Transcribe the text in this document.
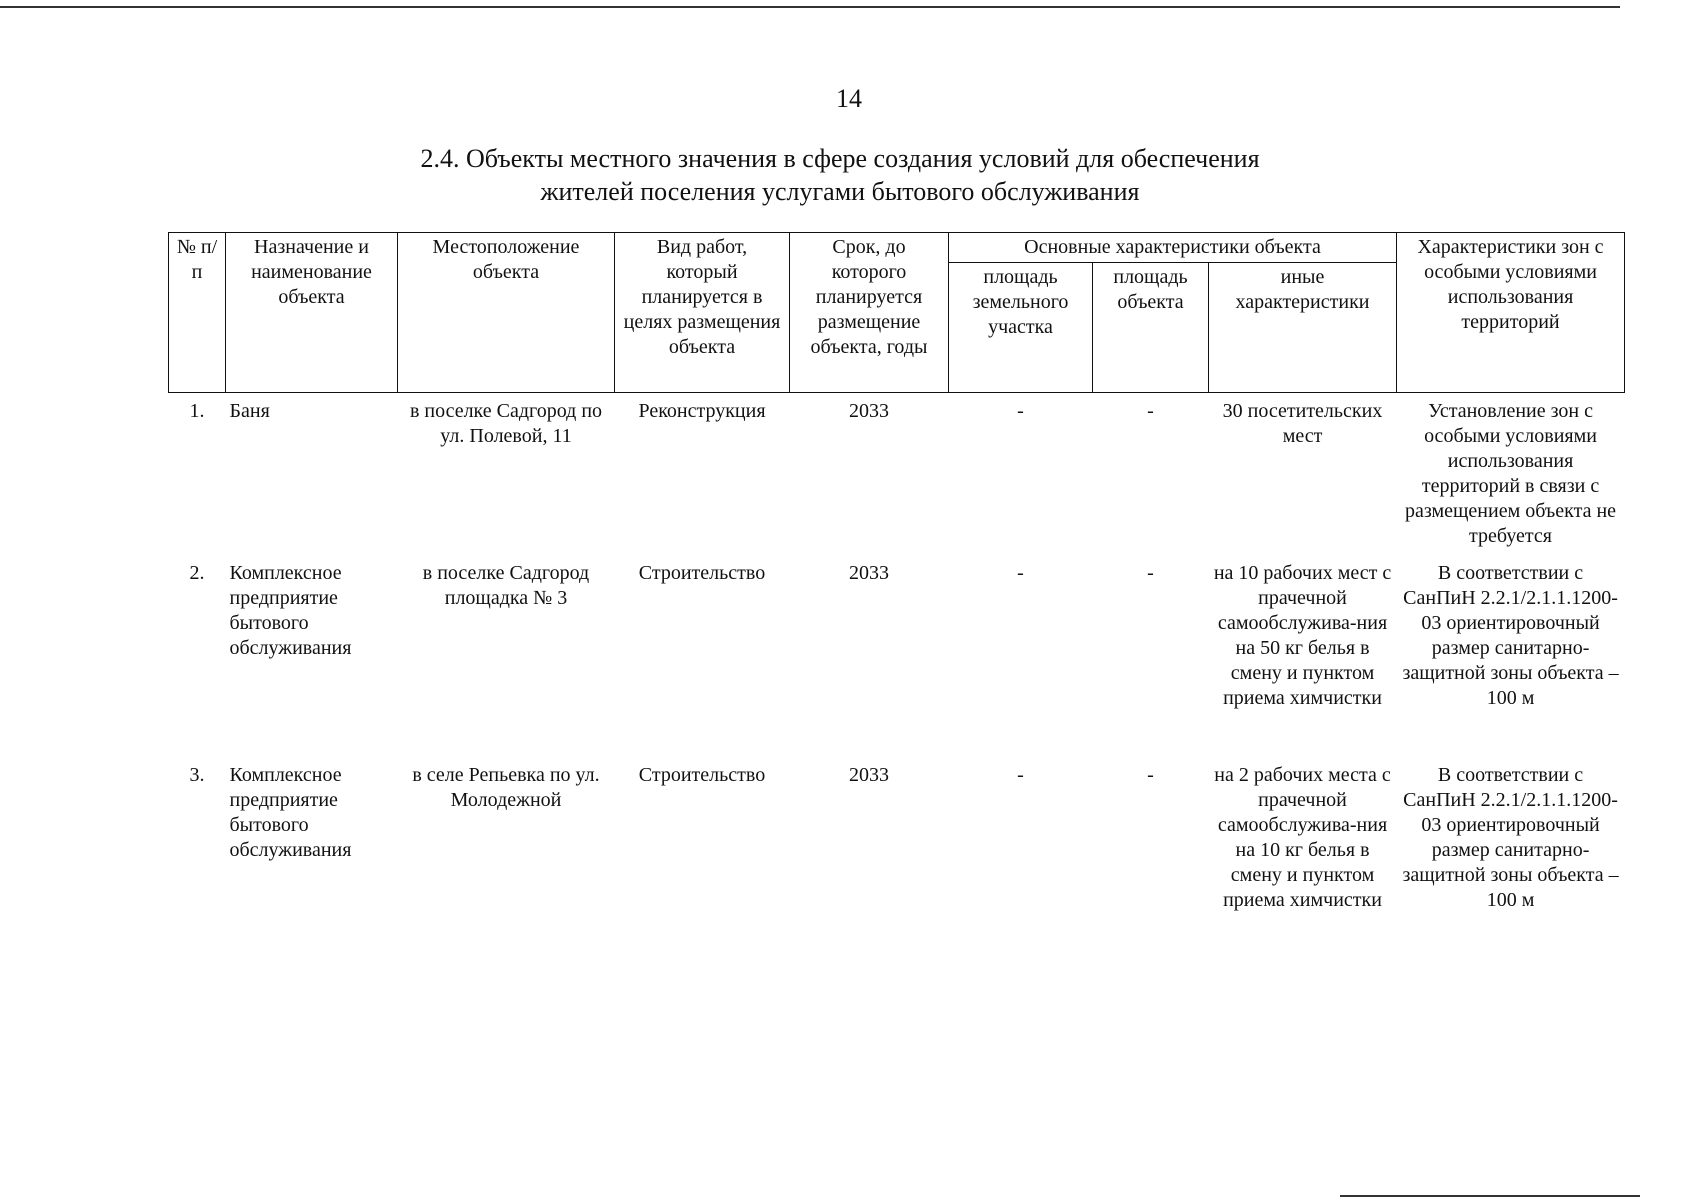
14
2.4. Объекты местного значения в сфере создания условий для обеспечения
жителей поселения услугами бытового обслуживания
№ п/п	Назначение и наименование объекта	Местоположение объекта	Вид работ, который планируется в целях размещения объекта	Срок, до которого планируется размещение объекта, годы	Основные характеристики объекта			Характеристики зон с особыми условиями использования территорий
					площадь земельного участка	площадь объекта	иные характеристики	
1.	Баня	в поселке Садгород по ул. Полевой, 11	Реконструкция	2033	-	-	30 посетительских мест	Установление зон с особыми условиями использования территорий в связи с размещением объекта не требуется
2.	Комплексное предприятие бытового обслуживания	в поселке Садгород площадка № 3	Строительство	2033	-	-	на 10 рабочих мест с прачечной самообслужива-ния на 50 кг белья в смену и пунктом приема химчистки	В соответствии с СанПиН 2.2.1/2.1.1.1200-03 ориентировочный размер санитарно-защитной зоны объекта – 100 м
3.	Комплексное предприятие бытового обслуживания	в селе Репьевка по ул. Молодежной	Строительство	2033	-	-	на 2 рабочих места с прачечной самообслужива-ния на 10 кг белья в смену и пунктом приема химчистки	В соответствии с СанПиН 2.2.1/2.1.1.1200-03 ориентировочный размер санитарно-защитной зоны объекта – 100 м
